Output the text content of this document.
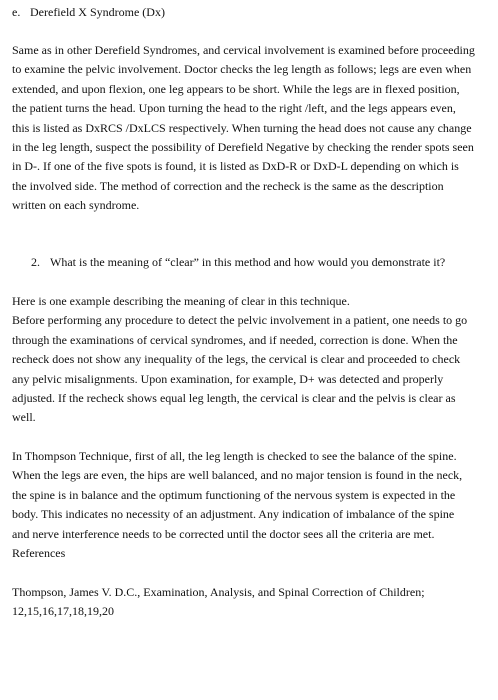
e. Derefield X Syndrome (Dx)

Same as in other Derefield Syndromes, and cervical involvement is examined before proceeding
to examine the pelvic involvement. Doctor checks the leg length as follows; legs are even when
extended, and upon flexion, one leg appears to be short. While the legs are in flexed position,
the patient turns the head. Upon turning the head to the right /left, and the legs appears even,
this is listed as DxRCS /DxLCS respectively. When turning the head does not cause any change
in the leg length, suspect the possibility of Derefield Negative by checking the render spots seen
in D-. If one of the five spots is found, it is listed as DxD-R or DxD-L depending on which is
the involved side. The method of correction and the recheck is the same as the description
written on each syndrome.

2. What is the meaning of “clear” in this method and how would you demonstrate it?

Here is one example describing the meaning of clear in this technique.
Before performing any procedure to detect the pelvic involvement in a patient, one needs to go
through the examinations of cervical syndromes, and if needed, correction is done. When the
recheck does not show any inequality of the legs, the cervical is clear and proceeded to check
any pelvic misalignments. Upon examination, for example, D+ was detected and properly
adjusted. If the recheck shows equal leg length, the cervical is clear and the pelvis is clear as
well.

In Thompson Technique, first of all, the leg length is checked to see the balance of the spine.
When the legs are even, the hips are well balanced, and no major tension is found in the neck,
the spine is in balance and the optimum functioning of the nervous system is expected in the
body. This indicates no necessity of an adjustment. Any indication of imbalance of the spine
and nerve interference needs to be corrected until the doctor sees all the criteria are met.
References

Thompson, James V. D.C., Examination, Analysis, and Spinal Correction of Children;
12,15,16,17,18,19,20
